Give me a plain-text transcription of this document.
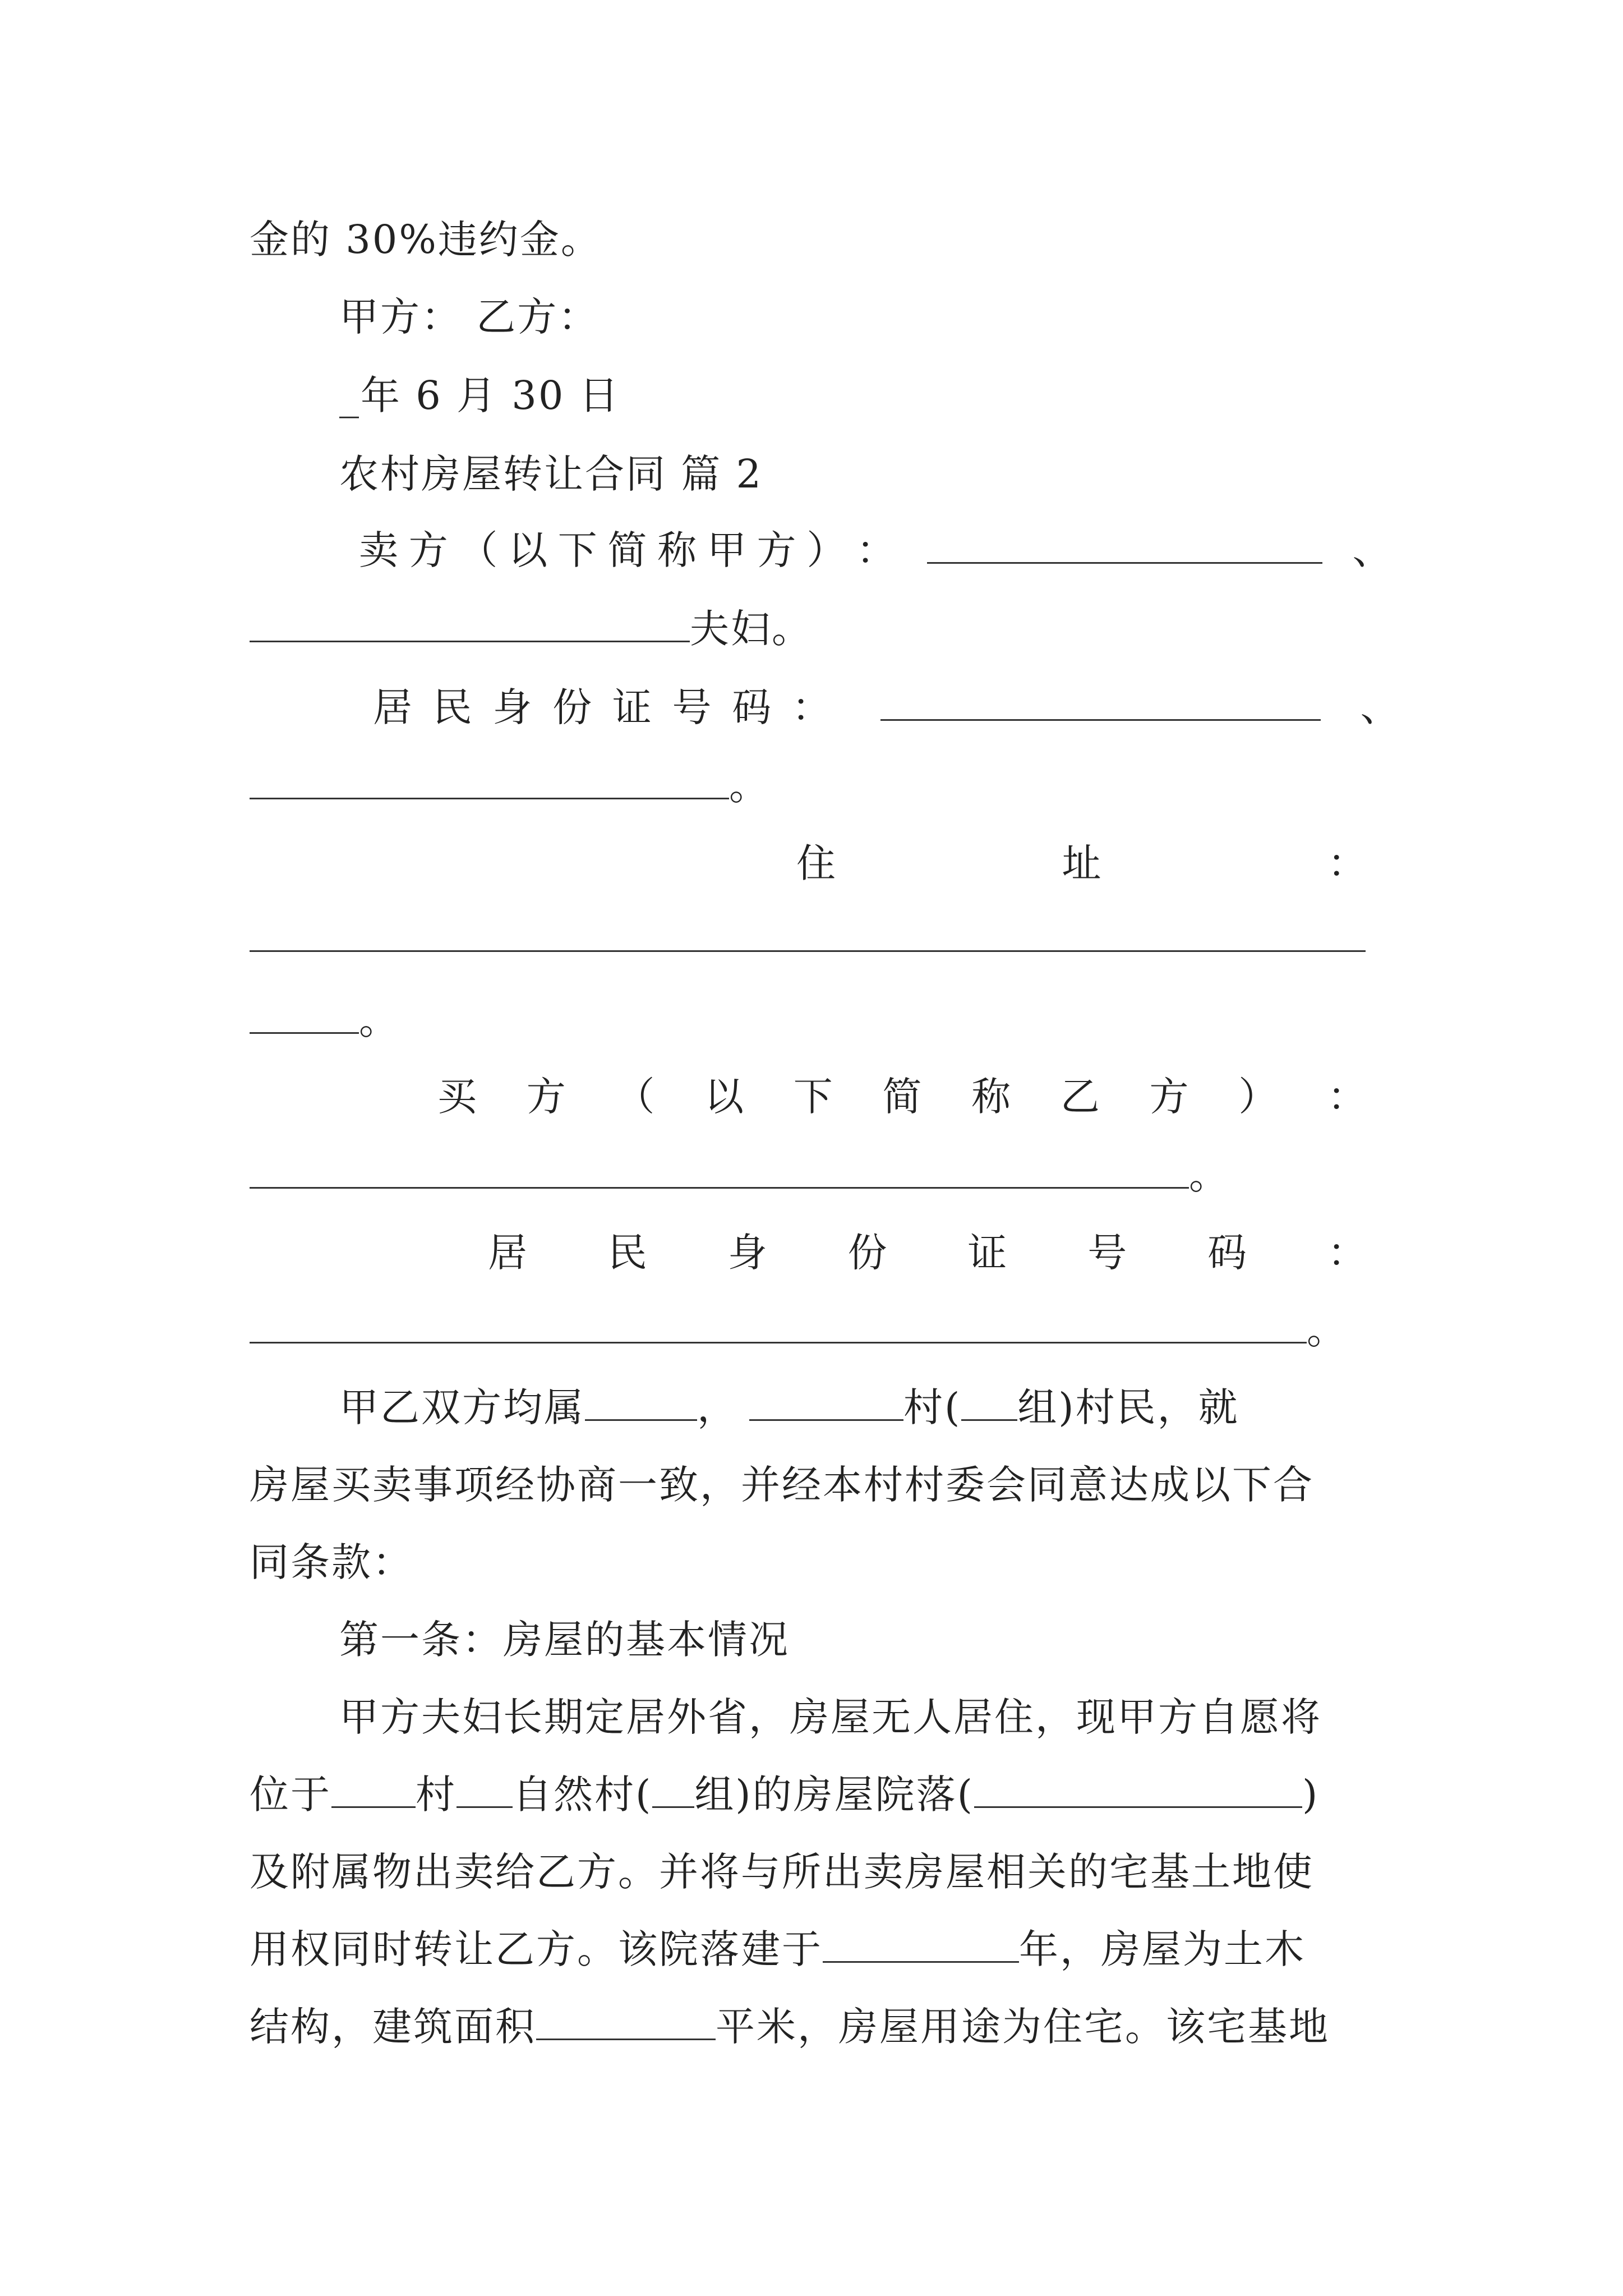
金的 30%违约金。
甲方： 乙方：
_年 6 月 30 日
农村房屋转让合同 篇 2
卖 方 （ 以 下 简 称 甲 方 ） ：	、
夫妇。
居 民 身 份 证 号 码 ：	、
。
住	址	：
。
买 方 （ 以 下 简 称 乙 方 ） ：
。
居 民 身 份 证 号 码 ：
。
甲乙双方均属	，	村( 组)村民，就
房屋买卖事项经协商一致，并经本村村委会同意达成以下合
同条款：
第一条：房屋的基本情况
甲方夫妇长期定居外省，房屋无人居住，现甲方自愿将
位于 村 自然村( 组)的房屋院落(	)
及附属物出卖给乙方。并将与所出卖房屋相关的宅基土地使
用权同时转让乙方。该院落建于	年，房屋为土木
结构，建筑面积	平米，房屋用途为住宅。该宅基地
